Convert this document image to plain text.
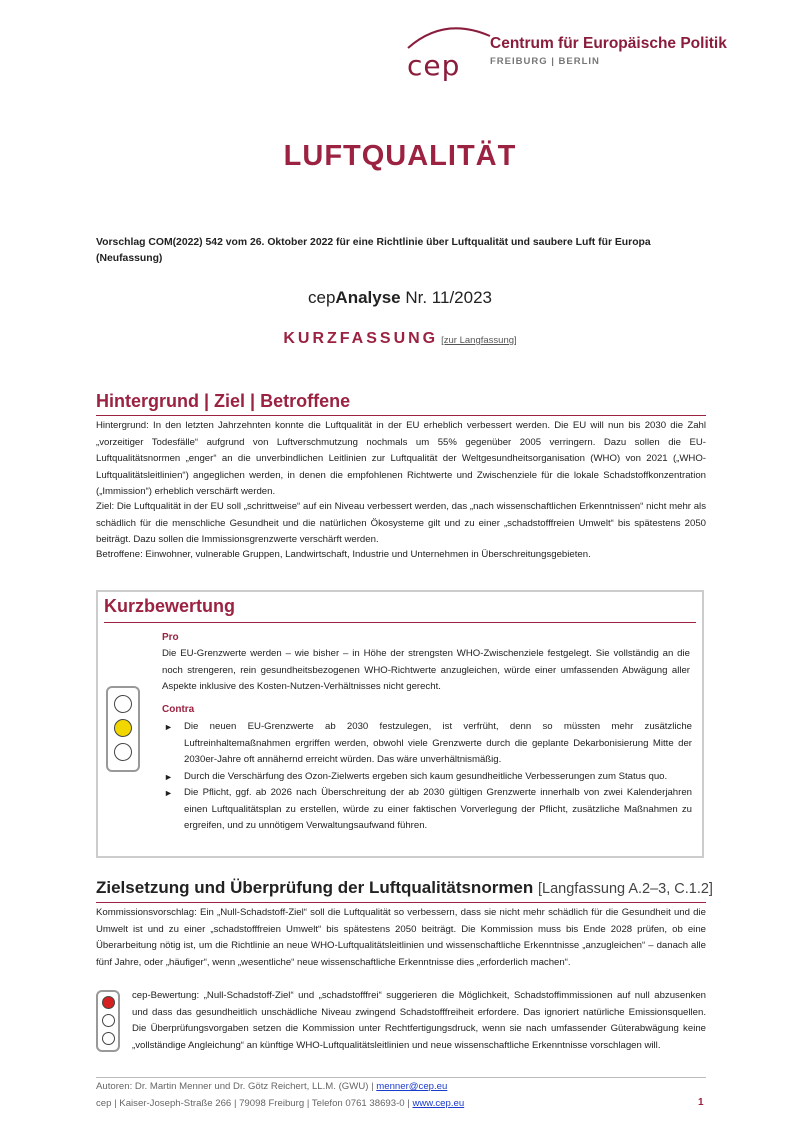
cep
Centrum für Europäische Politik
FREIBURG | BERLIN
LUFTQUALITÄT
Vorschlag COM(2022) 542 vom 26. Oktober 2022 für eine Richtlinie über Luftqualität und saubere Luft für Europa (Neufassung)
cepAnalyse Nr. 11/2023
KURZFASSUNG [zur Langfassung]
Hintergrund | Ziel | Betroffene
Hintergrund: In den letzten Jahrzehnten konnte die Luftqualität in der EU erheblich verbessert werden. Die EU will nun bis 2030 die Zahl „vorzeitiger Todesfälle“ aufgrund von Luftverschmutzung nochmals um 55% gegenüber 2005 verringern. Dazu sollen die EU-Luftqualitätsnormen „enger“ an die unverbindlichen Leitlinien zur Luftqualität der Weltgesundheitsorganisation (WHO) von 2021 („WHO-Luftqualitätsleitlinien“) angeglichen werden, in denen die empfohlenen Richtwerte und Zwischenziele für die lokale Schadstoffkonzentration („Immission“) erheblich verschärft werden.
Ziel: Die Luftqualität in der EU soll „schrittweise“ auf ein Niveau verbessert werden, das „nach wissenschaftlichen Erkenntnissen“ nicht mehr als schädlich für die menschliche Gesundheit und die natürlichen Ökosysteme gilt und zu einer „schadstofffreien Umwelt“ bis spätestens 2050 beiträgt. Dazu sollen die Immissionsgrenzwerte verschärft werden.
Betroffene: Einwohner, vulnerable Gruppen, Landwirtschaft, Industrie und Unternehmen in Überschreitungsgebieten.
Kurzbewertung
Pro
Die EU-Grenzwerte werden – wie bisher – in Höhe der strengsten WHO-Zwischenziele festgelegt. Sie vollständig an die noch strengeren, rein gesundheitsbezogenen WHO-Richtwerte anzugleichen, würde einer umfassenden Abwägung aller Aspekte inklusive des Kosten-Nutzen-Verhältnisses nicht gerecht.
Contra
► Die neuen EU-Grenzwerte ab 2030 festzulegen, ist verfrüht, denn so müssten mehr zusätzliche Luftreinhaltemaßnahmen ergriffen werden, obwohl viele Grenzwerte durch die geplante Dekarbonisierung Mitte der 2030er-Jahre oft annähernd erreicht würden. Das wäre unverhältnismäßig.
► Durch die Verschärfung des Ozon-Zielwerts ergeben sich kaum gesundheitliche Verbesserungen zum Status quo.
► Die Pflicht, ggf. ab 2026 nach Überschreitung der ab 2030 gültigen Grenzwerte innerhalb von zwei Kalenderjahren einen Luftqualitätsplan zu erstellen, würde zu einer faktischen Vorverlegung der Pflicht, zusätzliche Maßnahmen zu ergreifen, und zu unnötigem Verwaltungsaufwand führen.
Zielsetzung und Überprüfung der Luftqualitätsnormen [Langfassung A.2–3, C.1.2]
Kommissionsvorschlag: Ein „Null-Schadstoff-Ziel“ soll die Luftqualität so verbessern, dass sie nicht mehr schädlich für die Gesundheit und die Umwelt ist und zu einer „schadstofffreien Umwelt“ bis spätestens 2050 beiträgt. Die Kommission muss bis Ende 2028 prüfen, ob eine Überarbeitung nötig ist, um die Richtlinie an neue WHO-Luftqualitätsleitlinien und wissenschaftliche Erkenntnisse „anzugleichen“ – danach alle fünf Jahre, oder „häufiger“, wenn „wesentliche“ neue wissenschaftliche Erkenntnisse dies „erforderlich machen“.
cep-Bewertung: „Null-Schadstoff-Ziel“ und „schadstofffrei“ suggerieren die Möglichkeit, Schadstoffimmissionen auf null abzusenken und dass das gesundheitlich unschädliche Niveau zwingend Schadstofffreiheit erfordere. Das ignoriert natürliche Emissionsquellen. Die Überprüfungsvorgaben setzen die Kommission unter Rechtfertigungsdruck, wenn sie nach umfassender Güterabwägung keine „vollständige Angleichung“ an künftige WHO-Luftqualitätsleitlinien und neue wissenschaftliche Erkenntnisse vorschlagen will.
Autoren: Dr. Martin Menner und Dr. Götz Reichert, LL.M. (GWU) | menner@cep.eu
cep | Kaiser-Joseph-Straße 266 | 79098 Freiburg | Telefon 0761 38693-0 | www.cep.eu	1
